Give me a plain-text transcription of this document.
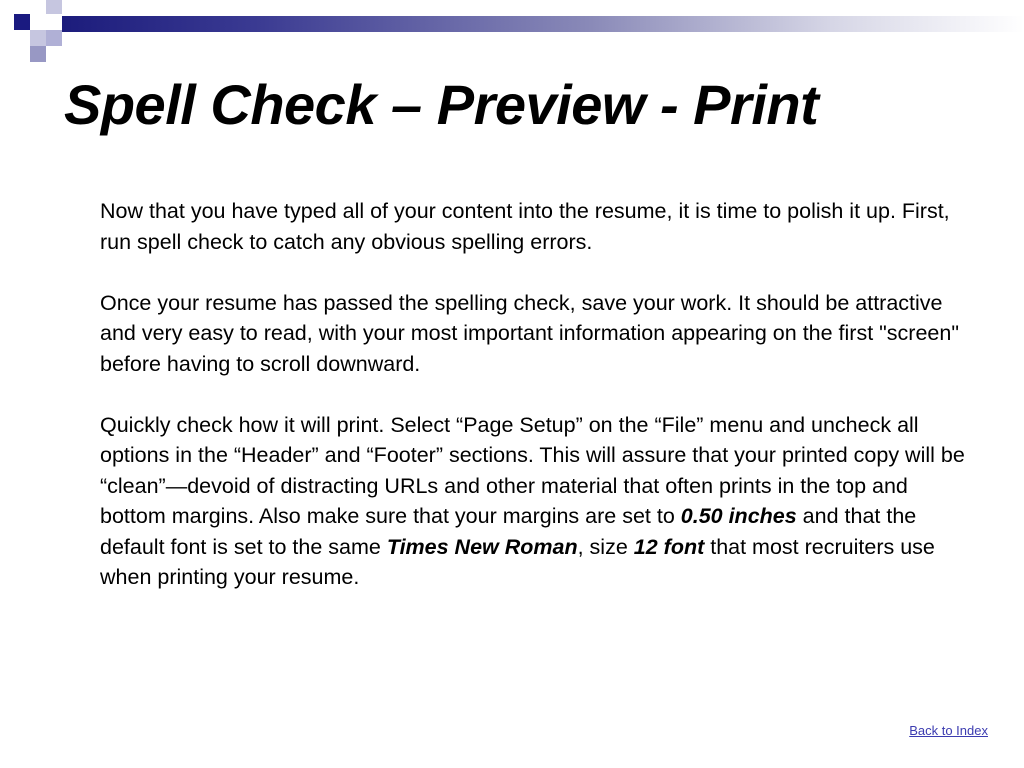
Spell Check – Preview - Print

Now that you have typed all of your content into the resume, it is time to polish it up. First, run spell check to catch any obvious spelling errors.

Once your resume has passed the spelling check, save your work. It should be attractive and very easy to read, with your most important information appearing on the first "screen" before having to scroll downward.

Quickly check how it will print. Select “Page Setup” on the “File” menu and uncheck all options in the “Header” and “Footer” sections. This will assure that your printed copy will be “clean”—devoid of distracting URLs and other material that often prints in the top and bottom margins. Also make sure that your margins are set to 0.50 inches and that the default font is set to the same Times New Roman, size 12 font that most recruiters use when printing your resume.

Back to Index
